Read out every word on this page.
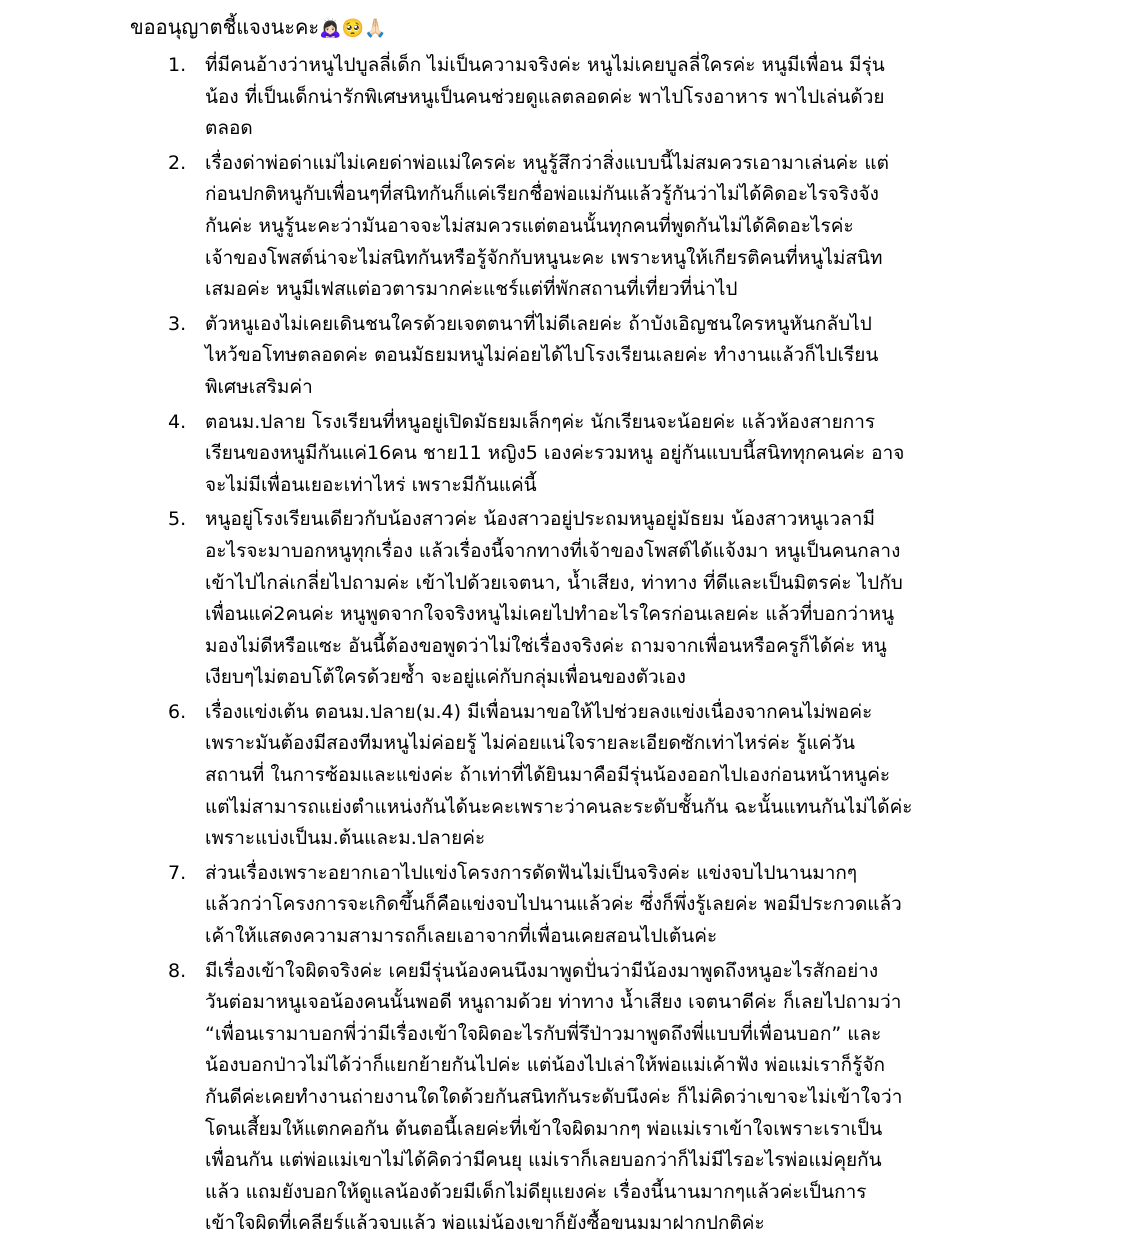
ขออนุญาตชี้แจงนะคะ🙇🏻‍♀️🥺🙏🏻
1. ที่มีคนอ้างว่าหนูไปบูลลี่เด็ก ไม่เป็นความจริงค่ะ หนูไม่เคยบูลลี่ใครค่ะ หนูมีเพื่อน มีรุ่น
น้อง ที่เป็นเด็กน่ารักพิเศษหนูเป็นคนช่วยดูแลตลอดค่ะ พาไปโรงอาหาร พาไปเล่นด้วย
ตลอด
2. เรื่องด่าพ่อด่าแม่ไม่เคยด่าพ่อแม่ใครค่ะ หนูรู้สึกว่าสิ่งแบบนี้ไม่สมควรเอามาเล่นค่ะ แต่
ก่อนปกติหนูกับเพื่อนๆที่สนิทกันก็แค่เรียกชื่อพ่อแม่กันแล้วรู้กันว่าไม่ได้คิดอะไรจริงจัง
กันค่ะ หนูรู้นะคะว่ามันอาจจะไม่สมควรแต่ตอนนั้นทุกคนที่พูดกันไม่ได้คิดอะไรค่ะ
เจ้าของโพสต์น่าจะไม่สนิทกันหรือรู้จักกับหนูนะคะ เพราะหนูให้เกียรติคนที่หนูไม่สนิท
เสมอค่ะ หนูมีเฟสแต่อวตารมากค่ะแชร์แต่ที่พักสถานที่เที่ยวที่น่าไป
3. ตัวหนูเองไม่เคยเดินชนใครด้วยเจตตนาที่ไม่ดีเลยค่ะ ถ้าบังเอิญชนใครหนูหันกลับไป
ไหว้ขอโทษตลอดค่ะ ตอนมัธยมหนูไม่ค่อยได้ไปโรงเรียนเลยค่ะ ทำงานแล้วก็ไปเรียน
พิเศษเสริมค่า
4. ตอนม.ปลาย โรงเรียนที่หนูอยู่เปิดมัธยมเล็กๆค่ะ นักเรียนจะน้อยค่ะ แล้วห้องสายการ
เรียนของหนูมีกันแค่16คน ชาย11 หญิง5 เองค่ะรวมหนู อยู่กันแบบนี้สนิททุกคนค่ะ อาจ
จะไม่มีเพื่อนเยอะเท่าไหร่ เพราะมีกันแค่นี้
5. หนูอยู่โรงเรียนเดียวกับน้องสาวค่ะ น้องสาวอยู่ประถมหนูอยู่มัธยม น้องสาวหนูเวลามี
อะไรจะมาบอกหนูทุกเรื่อง แล้วเรื่องนี้จากทางที่เจ้าของโพสต์ได้แจ้งมา หนูเป็นคนกลาง
เข้าไปไกล่เกลี่ยไปถามค่ะ เข้าไปด้วยเจตนา, น้ำเสียง, ท่าทาง ที่ดีและเป็นมิตรค่ะ ไปกับ
เพื่อนแค่2คนค่ะ หนูพูดจากใจจริงหนูไม่เคยไปทำอะไรใครก่อนเลยค่ะ แล้วที่บอกว่าหนู
มองไม่ดีหรือแซะ อันนี้ต้องขอพูดว่าไม่ใช่เรื่องจริงค่ะ ถามจากเพื่อนหรือครูก็ได้ค่ะ หนู
เงียบๆไม่ตอบโต้ใครด้วยซ้ำ จะอยู่แค่กับกลุ่มเพื่อนของตัวเอง
6. เรื่องแข่งเต้น ตอนม.ปลาย(ม.4) มีเพื่อนมาขอให้ไปช่วยลงแข่งเนื่องจากคนไม่พอค่ะ
เพราะมันต้องมีสองทีมหนูไม่ค่อยรู้ ไม่ค่อยแน่ใจรายละเอียดซักเท่าไหร่ค่ะ รู้แค่วัน
สถานที่ ในการซ้อมและแข่งค่ะ ถ้าเท่าที่ได้ยินมาคือมีรุ่นน้องออกไปเองก่อนหน้าหนูค่ะ
แต่ไม่สามารถแย่งตำแหน่งกันได้นะคะเพราะว่าคนละระดับชั้นกัน ฉะนั้นแทนกันไม่ได้ค่ะ
เพราะแบ่งเป็นม.ต้นและม.ปลายค่ะ
7. ส่วนเรื่องเพราะอยากเอาไปแข่งโครงการดัดฟันไม่เป็นจริงค่ะ แข่งจบไปนานมากๆ
แล้วกว่าโครงการจะเกิดขึ้นก็คือแข่งจบไปนานแล้วค่ะ ซึ่งก็พึ่งรู้เลยค่ะ พอมีประกวดแล้ว
เค้าให้แสดงความสามารถก็เลยเอาจากที่เพื่อนเคยสอนไปเต้นค่ะ
8. มีเรื่องเข้าใจผิดจริงค่ะ เคยมีรุ่นน้องคนนึงมาพูดปั่นว่ามีน้องมาพูดถึงหนูอะไรสักอย่าง
วันต่อมาหนูเจอน้องคนนั้นพอดี หนูถามด้วย ท่าทาง น้ำเสียง เจตนาดีค่ะ ก็เลยไปถามว่า
“เพื่อนเรามาบอกพี่ว่ามีเรื่องเข้าใจผิดอะไรกับพี่รึป่าวมาพูดถึงพี่แบบที่เพื่อนบอก” และ
น้องบอกป่าวไม่ได้ว่าก็แยกย้ายกันไปค่ะ แต่น้องไปเล่าให้พ่อแม่เค้าฟัง พ่อแม่เราก็รู้จัก
กันดีค่ะเคยทำงานถ่ายงานใดใดด้วยกันสนิทกันระดับนึงค่ะ ก็ไม่คิดว่าเขาจะไม่เข้าใจว่า
โดนเสี้ยมให้แตกคอกัน ต้นตอนี้เลยค่ะที่เข้าใจผิดมากๆ พ่อแม่เราเข้าใจเพราะเราเป็น
เพื่อนกัน แต่พ่อแม่เขาไม่ได้คิดว่ามีคนยุ แม่เราก็เลยบอกว่าก็ไม่มีไรอะไรพ่อแม่คุยกัน
แล้ว แถมยังบอกให้ดูแลน้องด้วยมีเด็กไม่ดียุแยงค่ะ เรื่องนี้นานมากๆแล้วค่ะเป็นการ
เข้าใจผิดที่เคลียร์แล้วจบแล้ว พ่อแม่น้องเขาก็ยังซื้อขนมมาฝากปกติค่ะ
